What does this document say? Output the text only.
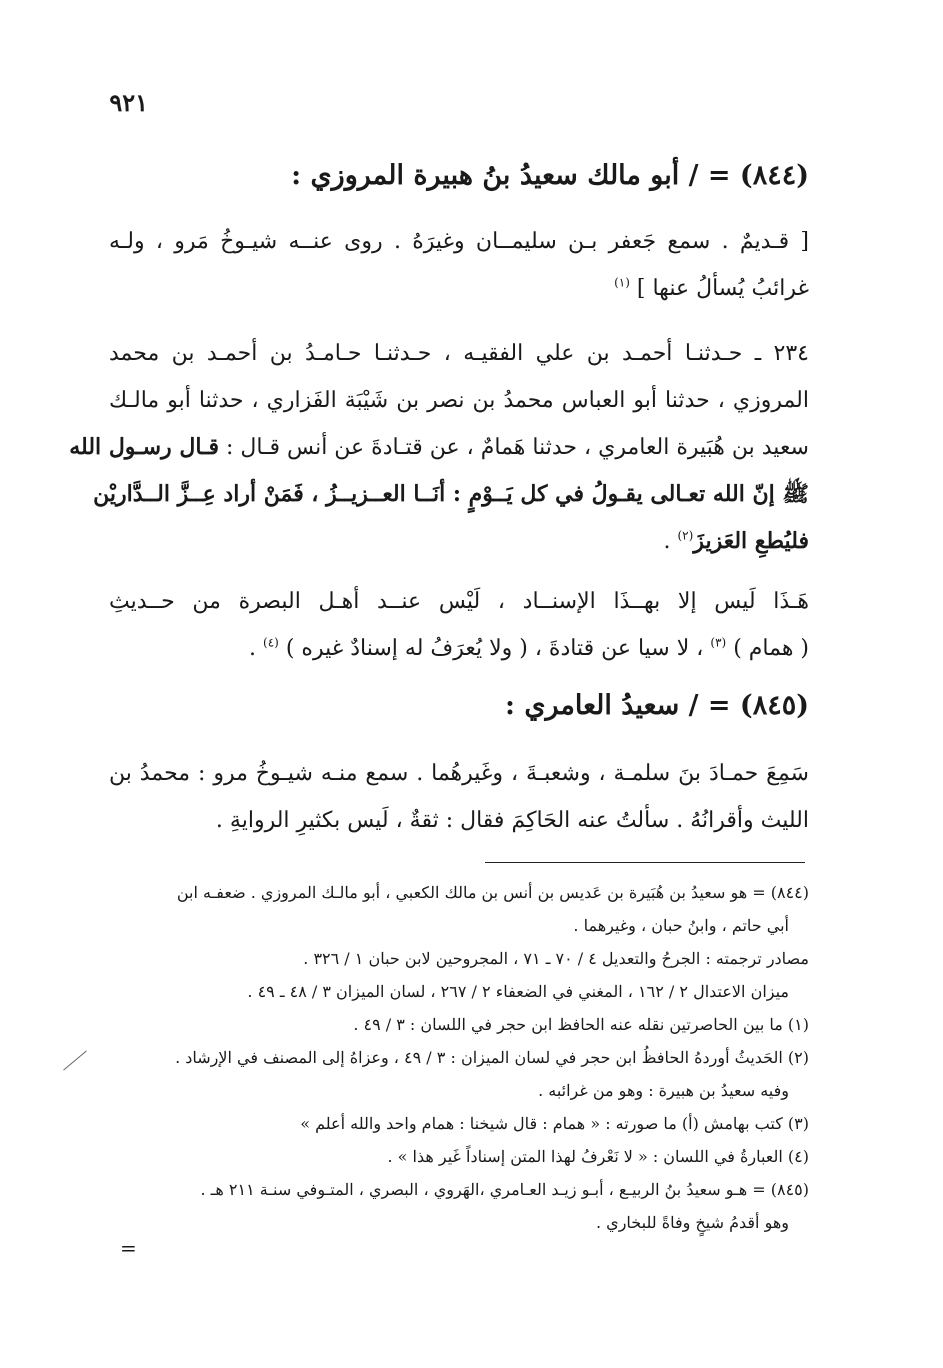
٩٢١
(٨٤٤) = / أبو مالك سعيدُ بنُ هبيرة المروزي :
[ قـديمٌ . سمع جَعفر بـن سليمــان وغيرَهُ . روى عنــه شيـوخُ مَرو ، ولـه
غرائبُ يُسألُ عنها ] $^{(١)}$
٢٣٤ ـ حـدثنـا أحمـد بن علي الفقيـه ، حـدثنـا حـامـدُ بن أحمـد بن محمد
المروزي ، حدثنا أبو العباس محمدُ بن نصر بن شَيْبَة الفَزاري ، حدثنا أبو مالـك
سعيد بن هُبَيرة العامري ، حدثنا هَمامٌ ، عن قتـادةَ عن أنس قـال : قـال رسـول الله
ﷺ إنّ الله تعـالى يقـولُ في كل يَــوْمٍ : أنَــا العــزيــزُ ، فَمَنْ أراد عِــزَّ الــدَّاريْن
فليُطعِ العَزيزَ$^{(٢)}$ .
هَـذَا لَيس إلا بهــذَا الإسنــاد ، لَيْس عنــد أهـل البصرة من حــديثِ
( همام ) $^{(٣)}$ ، لا سيا عن قتادةَ ، ( ولا يُعرَفُ له إسنادٌ غيره ) $^{(٤)}$ .
(٨٤٥) = / سعيدُ العامري :
سَمِعَ حمـادَ بنَ سلمـة ، وشعبـةَ ، وغَيرهُما . سمع منـه شيـوخُ مرو : محمدُ بن
الليث وأقرانُهُ . سألتُ عنه الحَاكِمَ فقال : ثقةٌ ، لَيس بكثيرِ الروايةِ .
(٨٤٤) = هو سعيدُ بن هُبَيرة بن عَديس بن أنس بن مالك الكعبي ، أبو مالـك المروزي . ضعفـه ابن
أبي حاتم ، وابنُ حبان ، وغيرهما .
مصادر ترجمته : الجرحُ والتعديل ٤ / ٧٠ ـ ٧١ ، المجروحين لابن حبان ١ / ٣٢٦ .
ميزان الاعتدال ٢ / ١٦٢ ، المغني في الضعفاء ٢ / ٢٦٧ ، لسان الميزان ٣ / ٤٨ ـ ٤٩ .
(١) ما بين الحاصرتين نقله عنه الحافظ ابن حجر في اللسان : ٣ / ٤٩ .
(٢) الحَديثُ أوردهُ الحافظُ ابن حجر في لسان الميزان : ٣ / ٤٩ ، وعزاهُ إلى المصنف في الإرشاد .
وفيه سعيدُ بن هبيرة : وهو من غرائبه .
(٣) كتب بهامش (أ) ما صورته : « همام : قال شيخنا : همام واحد والله أعلم »
(٤) العبارةُ في اللسان : « لا نَعْرفُ لهذا المتن إسناداً غَير هذا » .
(٨٤٥) = هـو سعيدُ بنُ الربيـع ، أبـو زيـد العـامري ،الهَروي ، البصري ، المتـوفي سنـة ٢١١ هـ .
وهو أقدمُ شيخٍ وفاةً للبخاري .
=
